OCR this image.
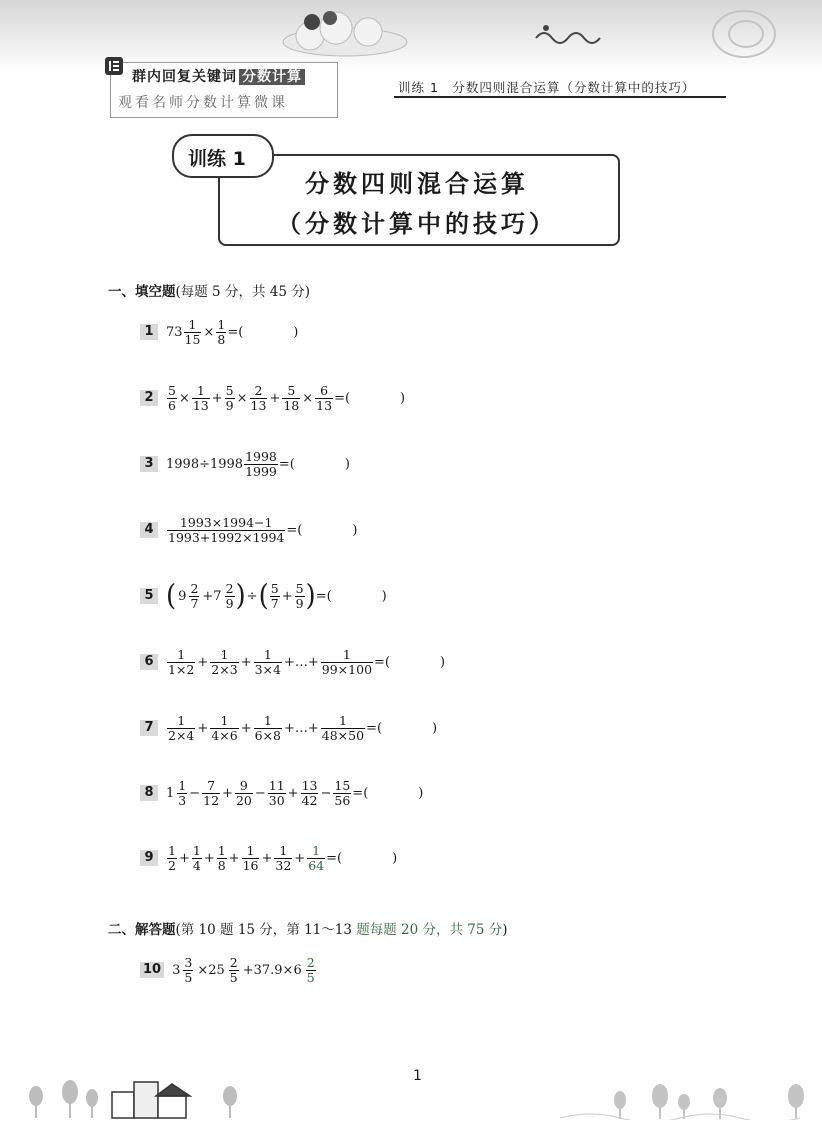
群内回复关键词 分数计算
观看名师分数计算微课
训练 1　分数四则混合运算（分数计算中的技巧）
训练 1
分数四则混合运算
（分数计算中的技巧）
一、填空题(每题 5 分，共 45 分)
1 $73 \frac{1}{15} \times \frac{1}{8}$ =(	)
2	$\frac{5}{6} \times \frac{1}{13} + \frac{5}{9} \times \frac{2}{13} + \frac{5}{18} \times \frac{6}{13}$ =(	)
3 $1998\div 1998 \frac{1998}{1999}$ =(	)
4	$\frac{1993\times 1994-1}{1993+1992\times 1994}$ =(	)
5 ( $9 \frac{2}{7} +7 \frac{2}{9}$ ) ÷ ( $\frac{5}{7} + \frac{5}{9}$ ) =(	)
6	$\frac{1}{1\times 2} + \frac{1}{2\times 3} + \frac{1}{3\times 4}$ +…+ $\frac{1}{99\times 100}$ =(	)
7	$\frac{1}{2\times 4} + \frac{1}{4\times 6} + \frac{1}{6\times 8}$ +…+ $\frac{1}{48\times 50}$ =(	)
8 $1 \frac{1}{3} - \frac{7}{12} + \frac{9}{20} - \frac{11}{30} + \frac{13}{42} - \frac{15}{56}$ =(	)
9	$\frac{1}{2} + \frac{1}{4} + \frac{1}{8} + \frac{1}{16} + \frac{1}{32} + \frac{1}{64}$ =(	)
二、解答题(第 10 题 15 分，第 11～13 题每题 20 分，共 75 分)
10 $3 \frac{3}{5} \times 25 \frac{2}{5} +37.9\times 6 \frac{2}{5}$
1
